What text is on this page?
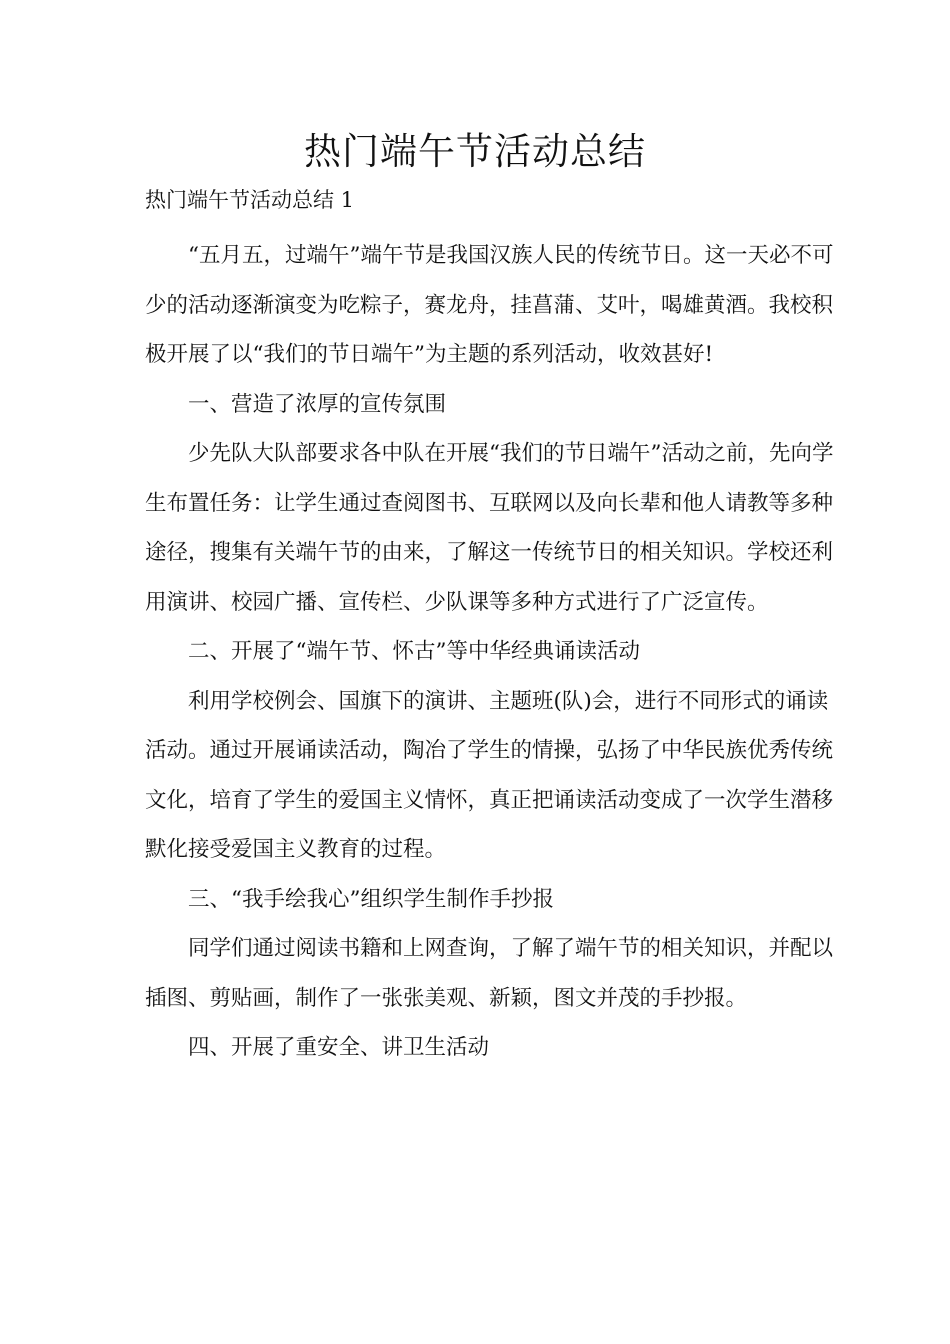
热门端午节活动总结

热门端午节活动总结 1

“五月五，过端午”端午节是我国汉族人民的传统节日。这一天必不可少的活动逐渐演变为吃粽子，赛龙舟，挂菖蒲、艾叶，喝雄黄酒。我校积极开展了以“我们的节日端午”为主题的系列活动，收效甚好!

一、营造了浓厚的宣传氛围

少先队大队部要求各中队在开展“我们的节日端午”活动之前，先向学生布置任务：让学生通过查阅图书、互联网以及向长辈和他人请教等多种途径，搜集有关端午节的由来，了解这一传统节日的相关知识。学校还利用演讲、校园广播、宣传栏、少队课等多种方式进行了广泛宣传。

二、开展了“端午节、怀古”等中华经典诵读活动

利用学校例会、国旗下的演讲、主题班(队)会，进行不同形式的诵读活动。通过开展诵读活动，陶冶了学生的情操，弘扬了中华民族优秀传统文化，培育了学生的爱国主义情怀，真正把诵读活动变成了一次学生潜移默化接受爱国主义教育的过程。

三、“我手绘我心”组织学生制作手抄报

同学们通过阅读书籍和上网查询，了解了端午节的相关知识，并配以插图、剪贴画，制作了一张张美观、新颖，图文并茂的手抄报。

四、开展了重安全、讲卫生活动
